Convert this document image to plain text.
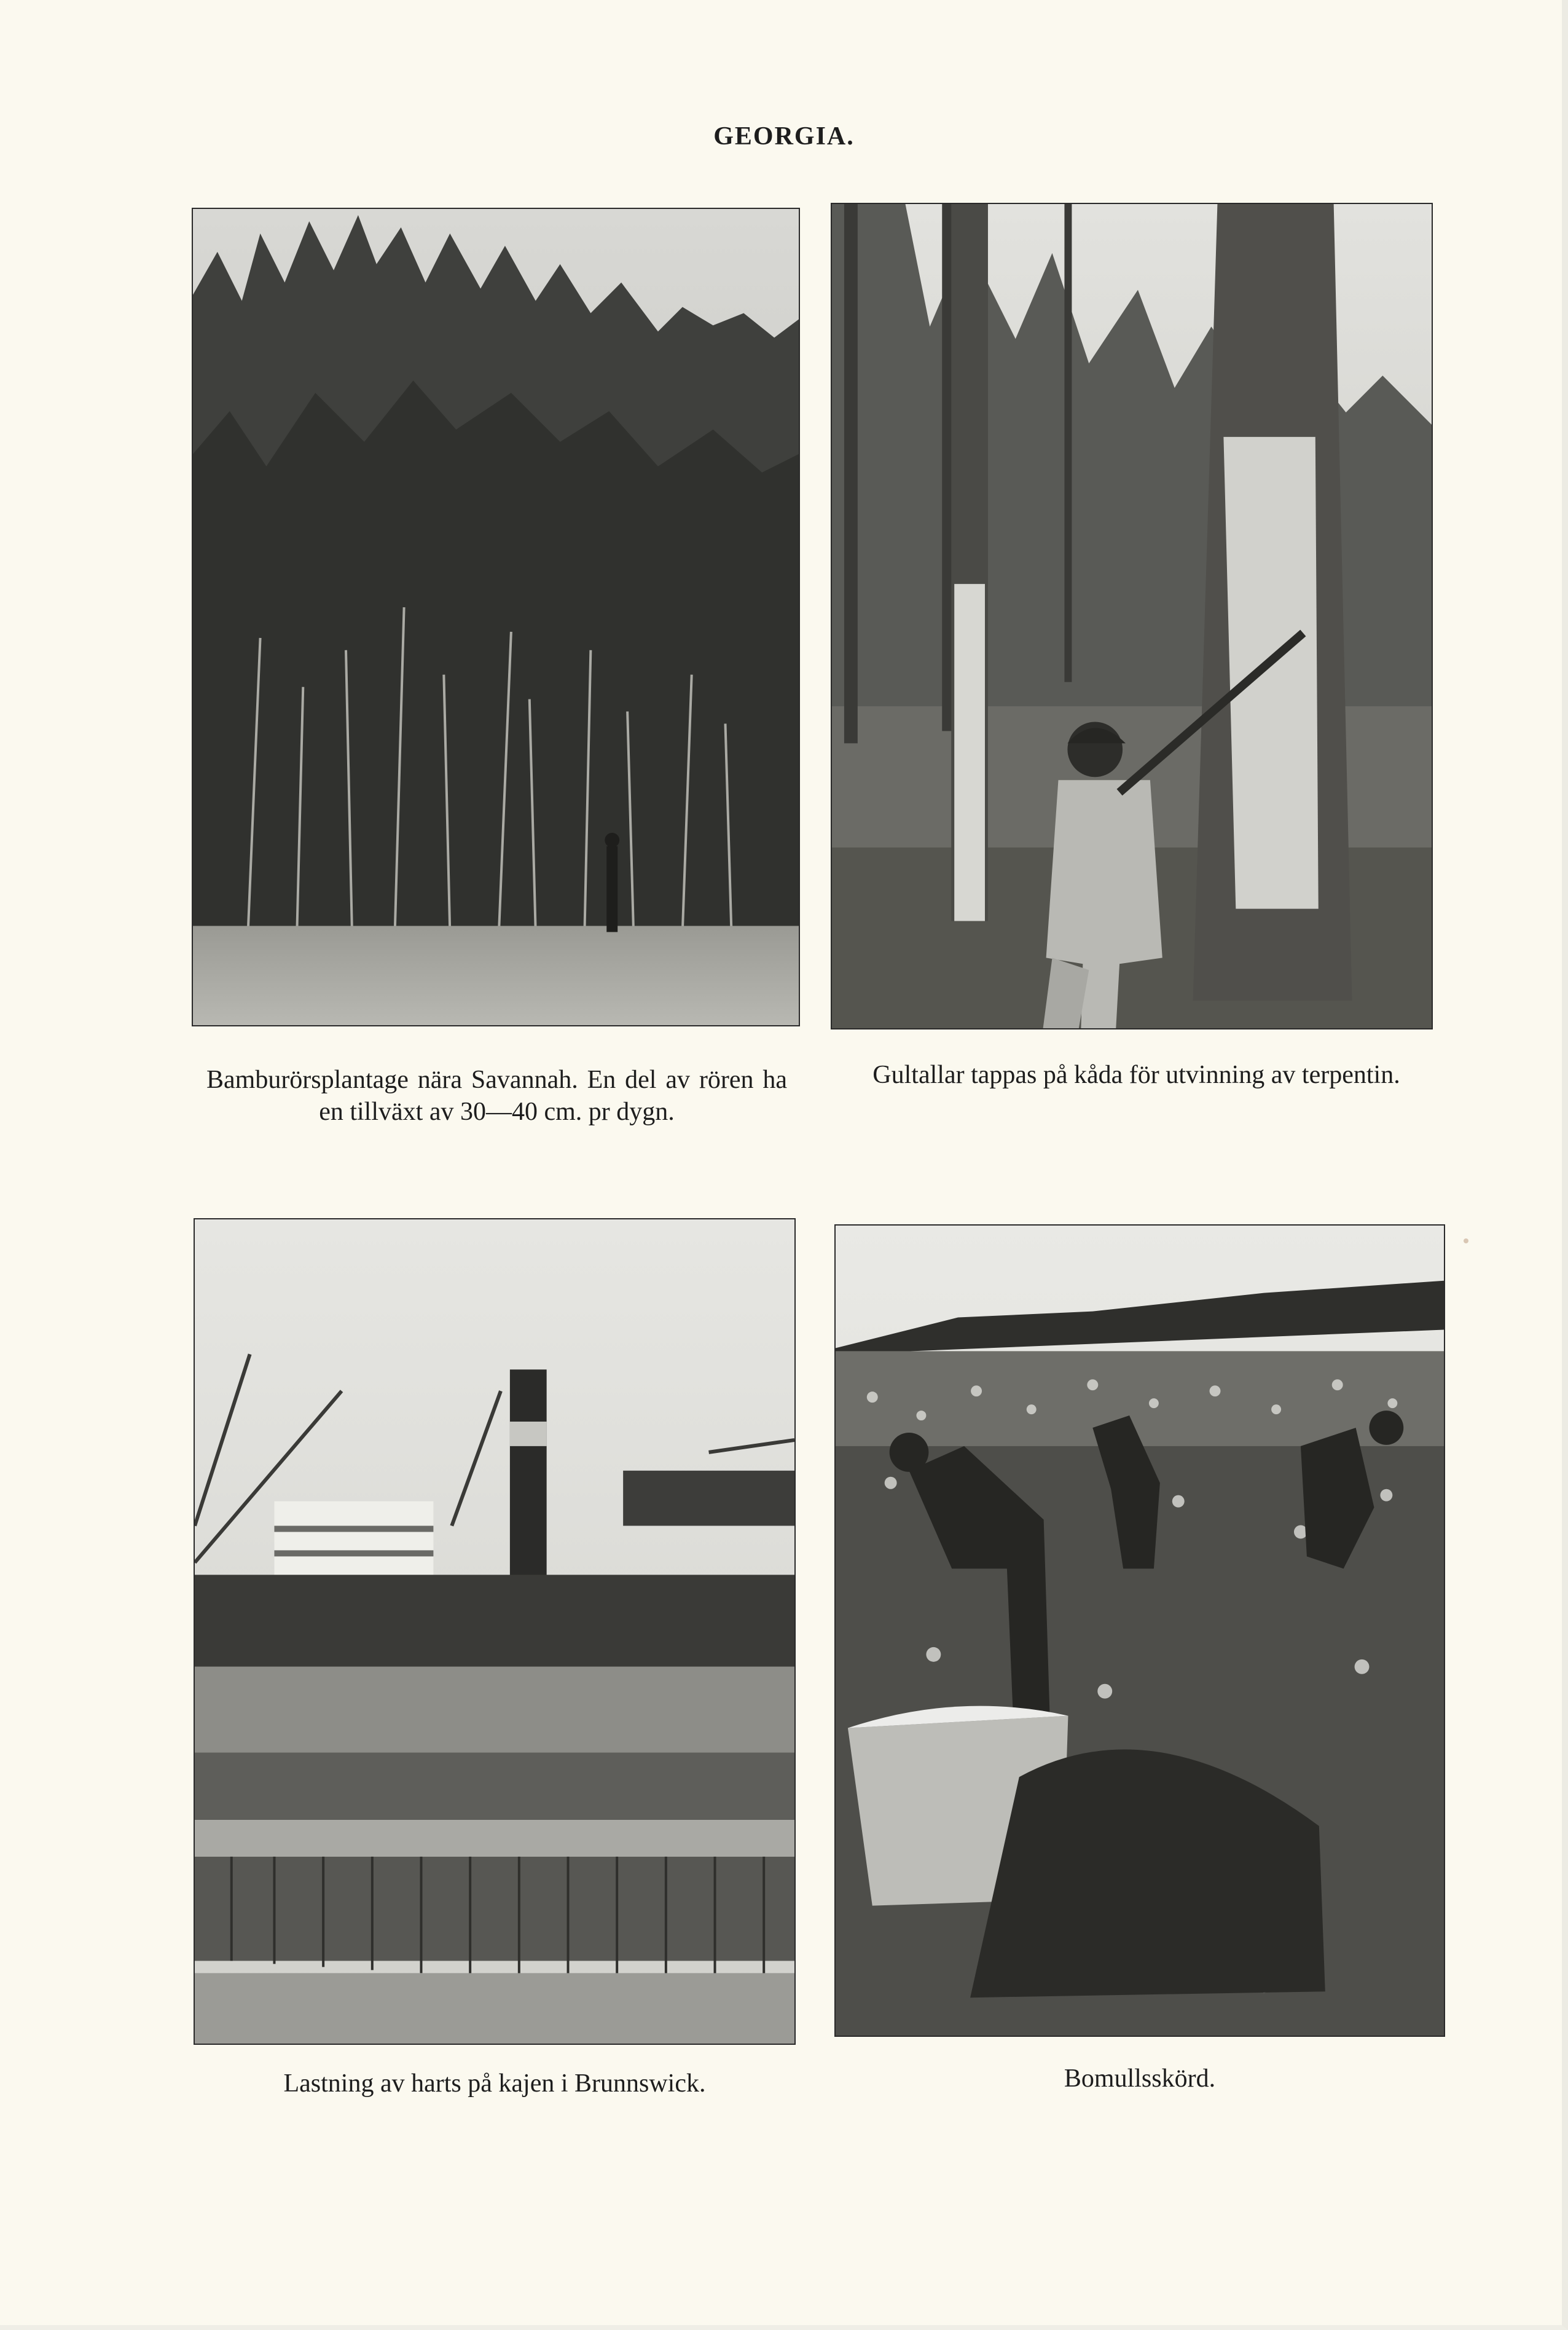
GEORGIA.
Bamburörsplantage nära Savannah. En del av rören ha en tillväxt av 30—40 cm. pr dygn.
Gultallar tappas på kåda för utvinning av terpentin.
Lastning av harts på kajen i Brunnswick.	Bomullsskörd.
